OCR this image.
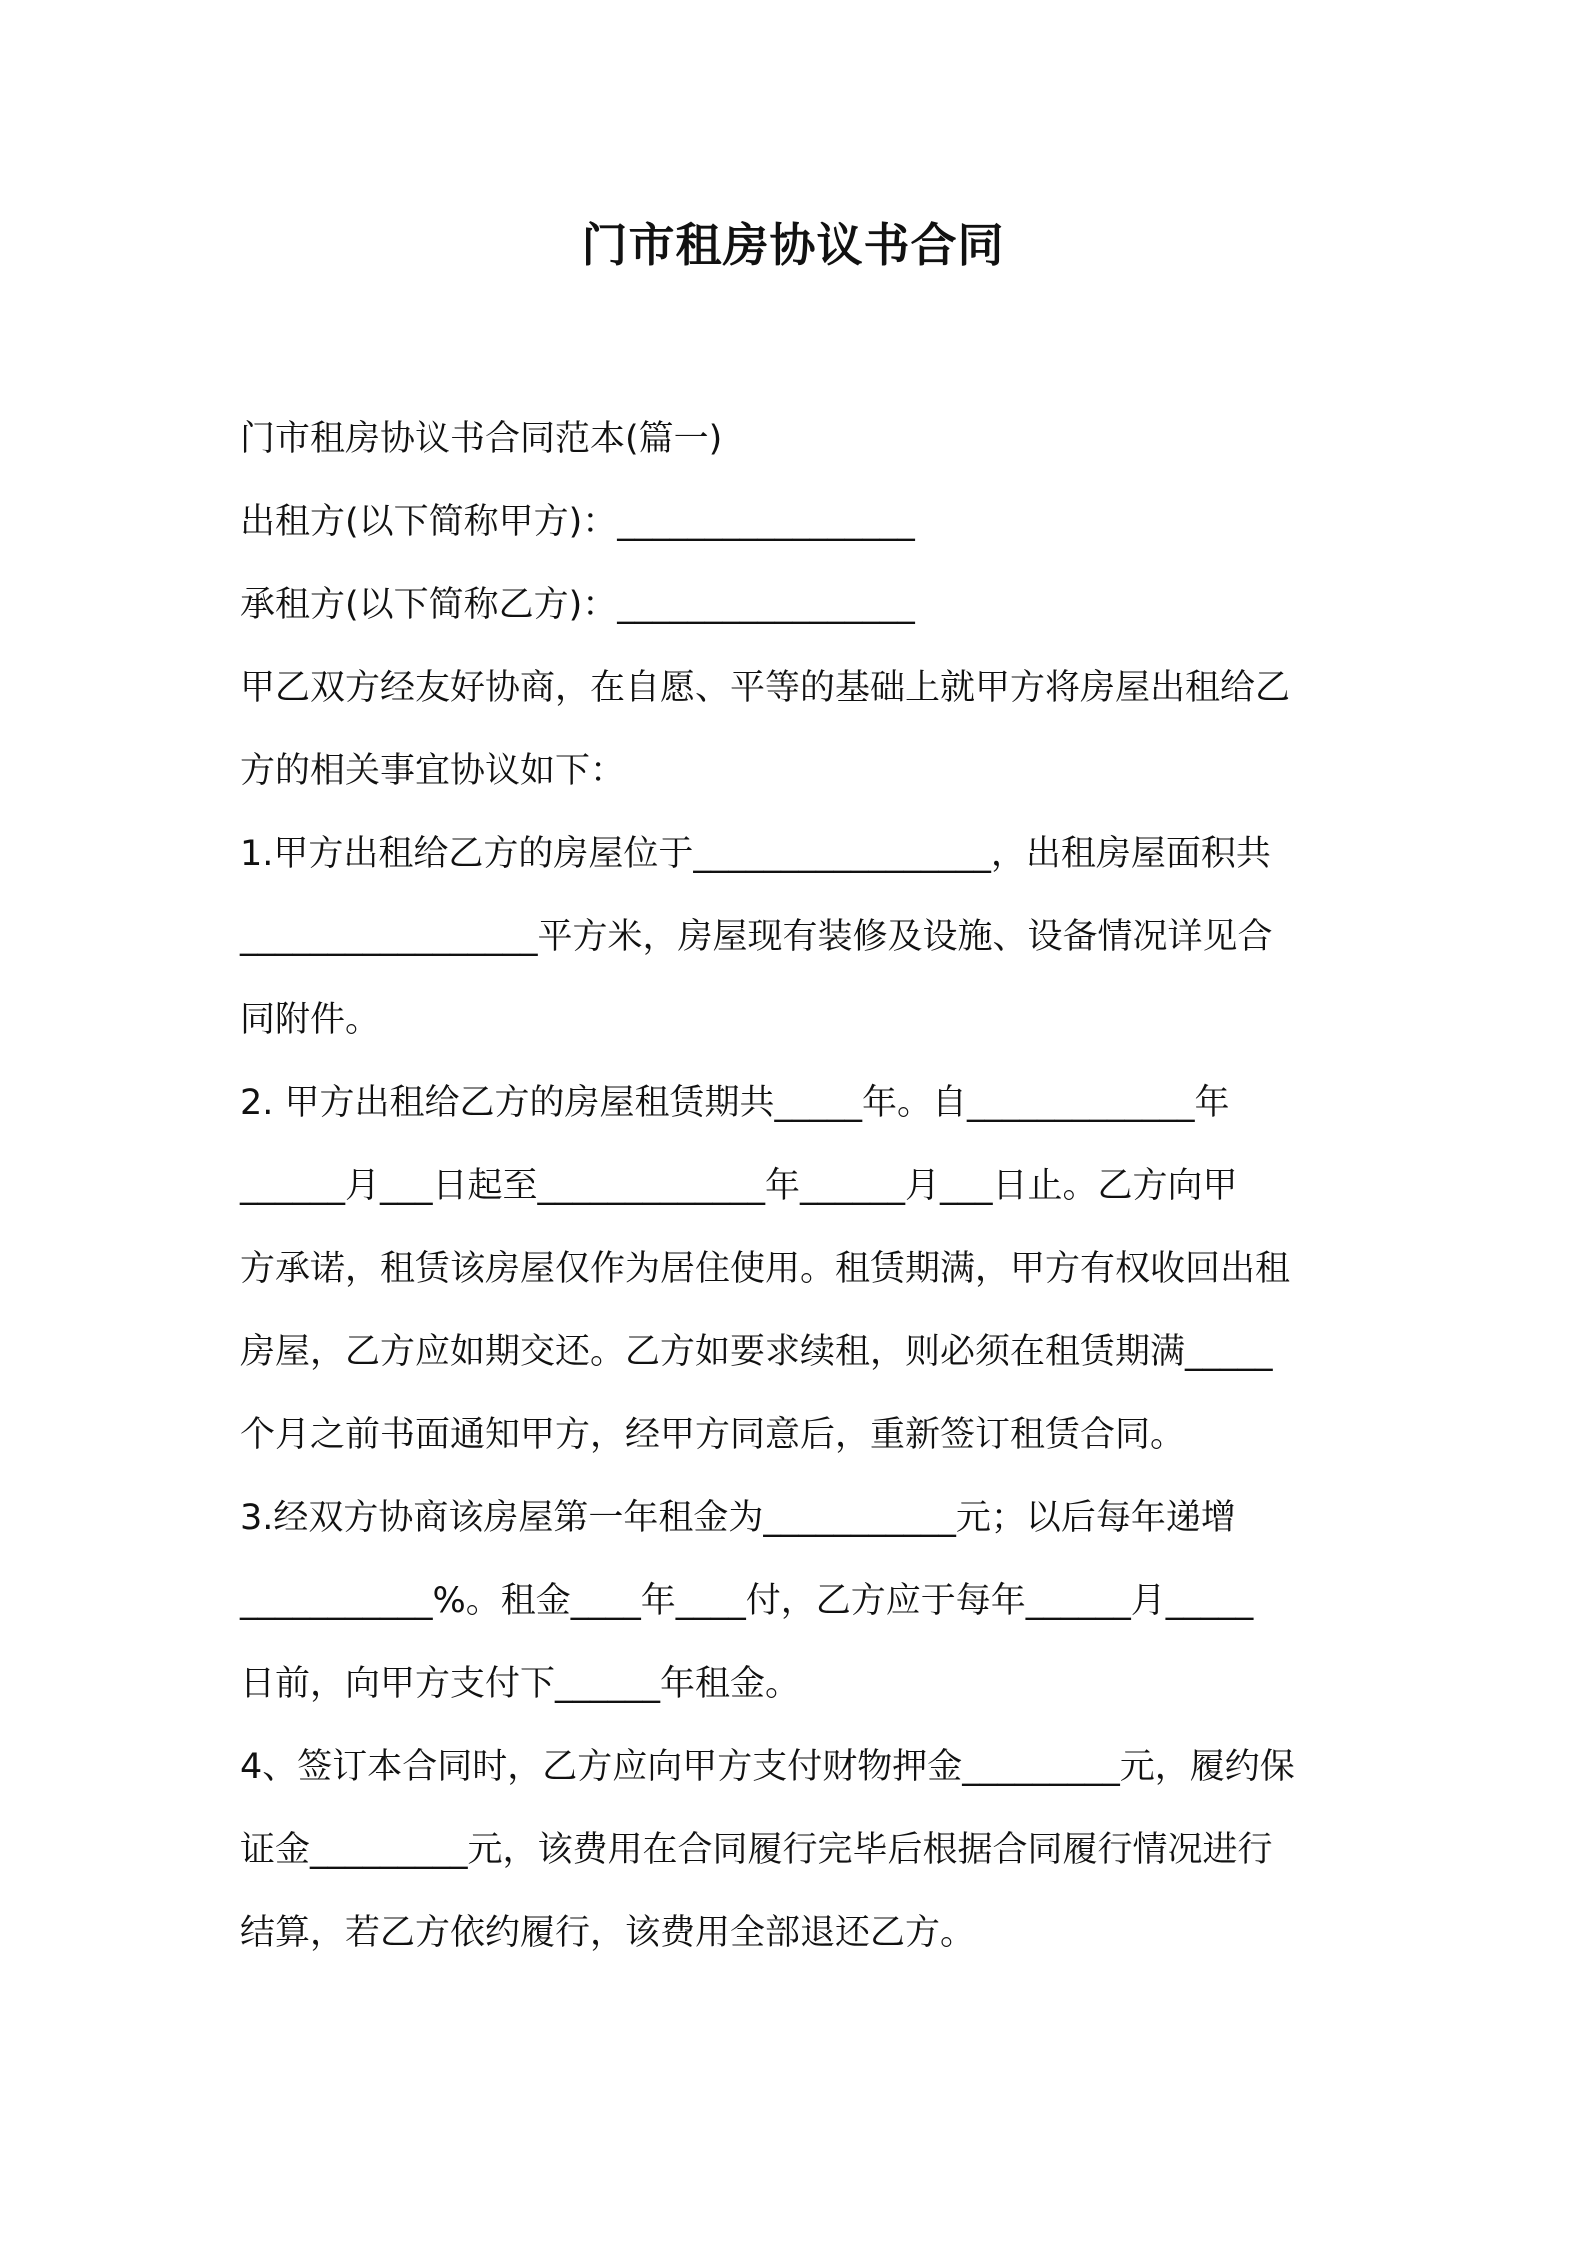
门市租房协议书合同
门市租房协议书合同范本(篇一)
出租方(以下简称甲方)：_________________
承租方(以下简称乙方)：_________________
甲乙双方经友好协商，在自愿、平等的基础上就甲方将房屋出租给乙
方的相关事宜协议如下：
1.甲方出租给乙方的房屋位于_________________，出租房屋面积共
_________________平方米，房屋现有装修及设施、设备情况详见合
同附件。
2. 甲方出租给乙方的房屋租赁期共_____年。自_____________年
______月___日起至_____________年______月___日止。乙方向甲
方承诺，租赁该房屋仅作为居住使用。租赁期满，甲方有权收回出租
房屋，乙方应如期交还。乙方如要求续租，则必须在租赁期满_____
个月之前书面通知甲方，经甲方同意后，重新签订租赁合同。
3.经双方协商该房屋第一年租金为___________元；以后每年递增
___________%。租金____年____付，乙方应于每年______月_____
日前，向甲方支付下______年租金。
4、签订本合同时，乙方应向甲方支付财物押金_________元，履约保
证金_________元，该费用在合同履行完毕后根据合同履行情况进行
结算，若乙方依约履行，该费用全部退还乙方。
